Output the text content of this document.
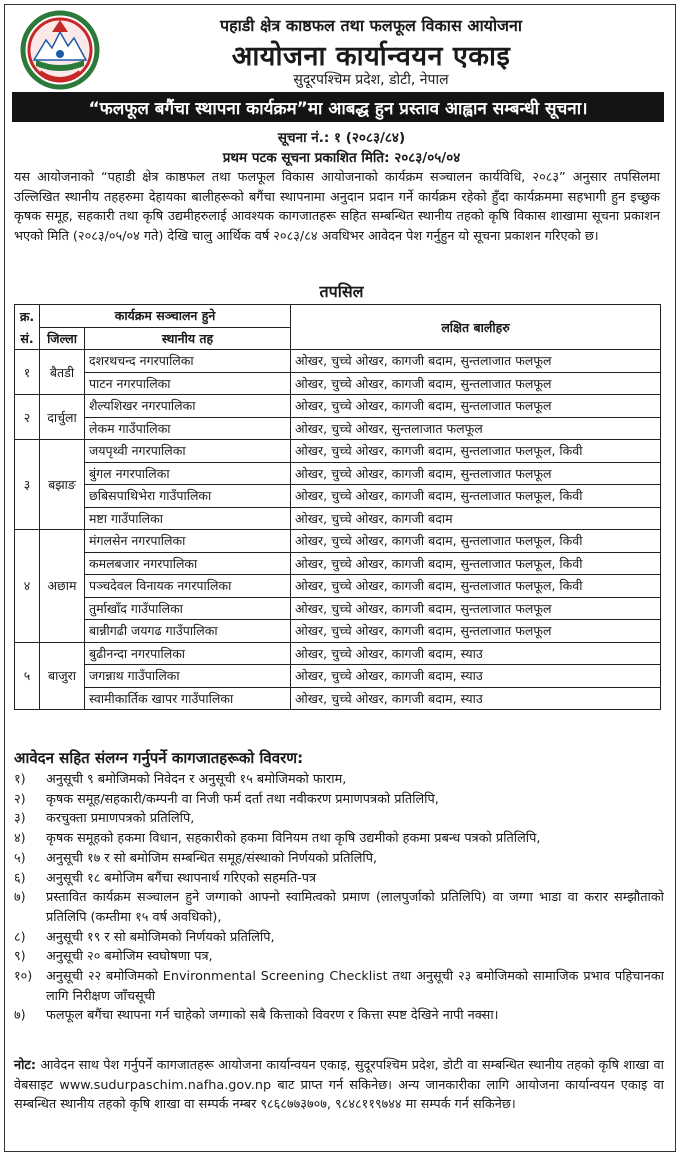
पहाडी क्षेत्र काष्ठफल तथा फलफूल विकास आयोजना
आयोजना कार्यान्वयन एकाइ
सुदूरपश्चिम प्रदेश, डोटी, नेपाल
“फलफूल बगैंचा स्थापना कार्यक्रम”मा आबद्ध हुन प्रस्ताव आह्वान सम्बन्धी सूचना।
सूचना नं.: १ (२०८३/८४)
प्रथम पटक सूचना प्रकाशित मिति: २०८३/०५/०४
यस आयोजनाको “पहाडी क्षेत्र काष्ठफल तथा फलफूल विकास आयोजनाको कार्यक्रम सञ्चालन कार्यविधि, २०८३” अनुसार तपसिलमा उल्लिखित स्थानीय तहहरुमा देहायका बालीहरूको बगैंचा स्थापनामा अनुदान प्रदान गर्ने कार्यक्रम रहेको हुँदा कार्यक्रममा सहभागी हुन इच्छुक कृषक समूह, सहकारी तथा कृषि उद्यमीहरुलाई आवश्यक कागजातहरू सहित सम्बन्धित स्थानीय तहको कृषि विकास शाखामा सूचना प्रकाशन भएको मिति (२०८३/०५/०४ गते) देखि चालु आर्थिक वर्ष २०८३/८४ अवधिभर आवेदन पेश गर्नुहुन यो सूचना प्रकाशन गरिएको छ।
तपसिल
क्र.	कार्यक्रम सञ्चालन हुने		लक्षित बालीहरु
सं.	जिल्ला	स्थानीय तह	
१	बैतडी	दशरथचन्द नगरपालिका	ओखर, चुच्चे ओखर, कागजी बदाम, सुन्तलाजात फलफूल
		पाटन नगरपालिका	ओखर, चुच्चे ओखर, कागजी बदाम, सुन्तलाजात फलफूल
२	दार्चुला	शैल्यशिखर नगरपालिका	ओखर, चुच्चे ओखर, कागजी बदाम, सुन्तलाजात फलफूल
		लेकम गाउँपालिका	ओखर, चुच्चे ओखर, सुन्तलाजात फलफूल
३	बझाङ	जयपृथ्वी नगरपालिका	ओखर, चुच्चे ओखर, कागजी बदाम, सुन्तलाजात फलफूल, किवी
		बुंगल नगरपालिका	ओखर, चुच्चे ओखर, कागजी बदाम, सुन्तलाजात फलफूल
		छबिसपाथिभेरा गाउँपालिका	ओखर, चुच्चे ओखर, कागजी बदाम, सुन्तलाजात फलफूल, किवी
		मष्टा गाउँपालिका	ओखर, चुच्चे ओखर, कागजी बदाम
४	अछाम	मंगलसेन नगरपालिका	ओखर, चुच्चे ओखर, कागजी बदाम, सुन्तलाजात फलफूल, किवी
		कमलबजार नगरपालिका	ओखर, चुच्चे ओखर, कागजी बदाम, सुन्तलाजात फलफूल, किवी
		पञ्चदेवल विनायक नगरपालिका	ओखर, चुच्चे ओखर, कागजी बदाम, सुन्तलाजात फलफूल, किवी
		तुर्माखाँद गाउँपालिका	ओखर, चुच्चे ओखर, कागजी बदाम, सुन्तलाजात फलफूल
		बान्नीगढी जयगढ गाउँपालिका	ओखर, चुच्चे ओखर, कागजी बदाम, सुन्तलाजात फलफूल
५	बाजुरा	बुढीनन्दा नगरपालिका	ओखर, चुच्चे ओखर, कागजी बदाम, स्याउ
		जगन्नाथ गाउँपालिका	ओखर, चुच्चे ओखर, कागजी बदाम, स्याउ
		स्वामीकार्तिक खापर गाउँपालिका	ओखर, चुच्चे ओखर, कागजी बदाम, स्याउ
आवेदन सहित संलग्न गर्नुपर्ने कागजातहरूको विवरण:
१)	अनुसूची ९ बमोजिमको निवेदन र अनुसूची १५ बमोजिमको फाराम,
२)	कृषक समूह/सहकारी/कम्पनी वा निजी फर्म दर्ता तथा नवीकरण प्रमाणपत्रको प्रतिलिपि,
३)	करचुक्ता प्रमाणपत्रको प्रतिलिपि,
४)	कृषक समूहको हकमा विधान, सहकारीको हकमा विनियम तथा कृषि उद्यमीको हकमा प्रबन्ध पत्रको प्रतिलिपि,
५)	अनुसूची १७ र सो बमोजिम सम्बन्धित समूह/संस्थाको निर्णयको प्रतिलिपि,
६)	अनुसूची १८ बमोजिम बगैंचा स्थापनार्थ गरिएको सहमति-पत्र
७)	प्रस्तावित कार्यक्रम सञ्चालन हुने जग्गाको आफ्नो स्वामित्वको प्रमाण (लालपुर्जाको प्रतिलिपि) वा जग्गा भाडा वा करार सम्झौताको प्रतिलिपि (कम्तीमा १५ वर्ष अवधिको),
८)	अनुसूची १९ र सो बमोजिमको निर्णयको प्रतिलिपि,
९)	अनुसूची २० बमोजिम स्वघोषणा पत्र,
१०)	अनुसूची २२ बमोजिमको Environmental Screening Checklist तथा अनुसूची २३ बमोजिमको सामाजिक प्रभाव पहिचानका लागि निरीक्षण जाँचसूची
७)	फलफूल बगैंचा स्थापना गर्न चाहेको जग्गाको सबै कित्ताको विवरण र कित्ता स्पष्ट देखिने नापी नक्सा।
नोट: आवेदन साथ पेश गर्नुपर्ने कागजातहरू आयोजना कार्यान्वयन एकाइ, सुदूरपश्चिम प्रदेश, डोटी वा सम्बन्धित स्थानीय तहको कृषि शाखा वा वेबसाइट www.sudurpaschim.nafha.gov.np बाट प्राप्त गर्न सकिनेछ। अन्य जानकारीका लागि आयोजना कार्यान्वयन एकाइ वा सम्बन्धित स्थानीय तहको कृषि शाखा वा सम्पर्क नम्बर ९८६८७७३७०७, ९८४८११९७४४ मा सम्पर्क गर्न सकिनेछ।
